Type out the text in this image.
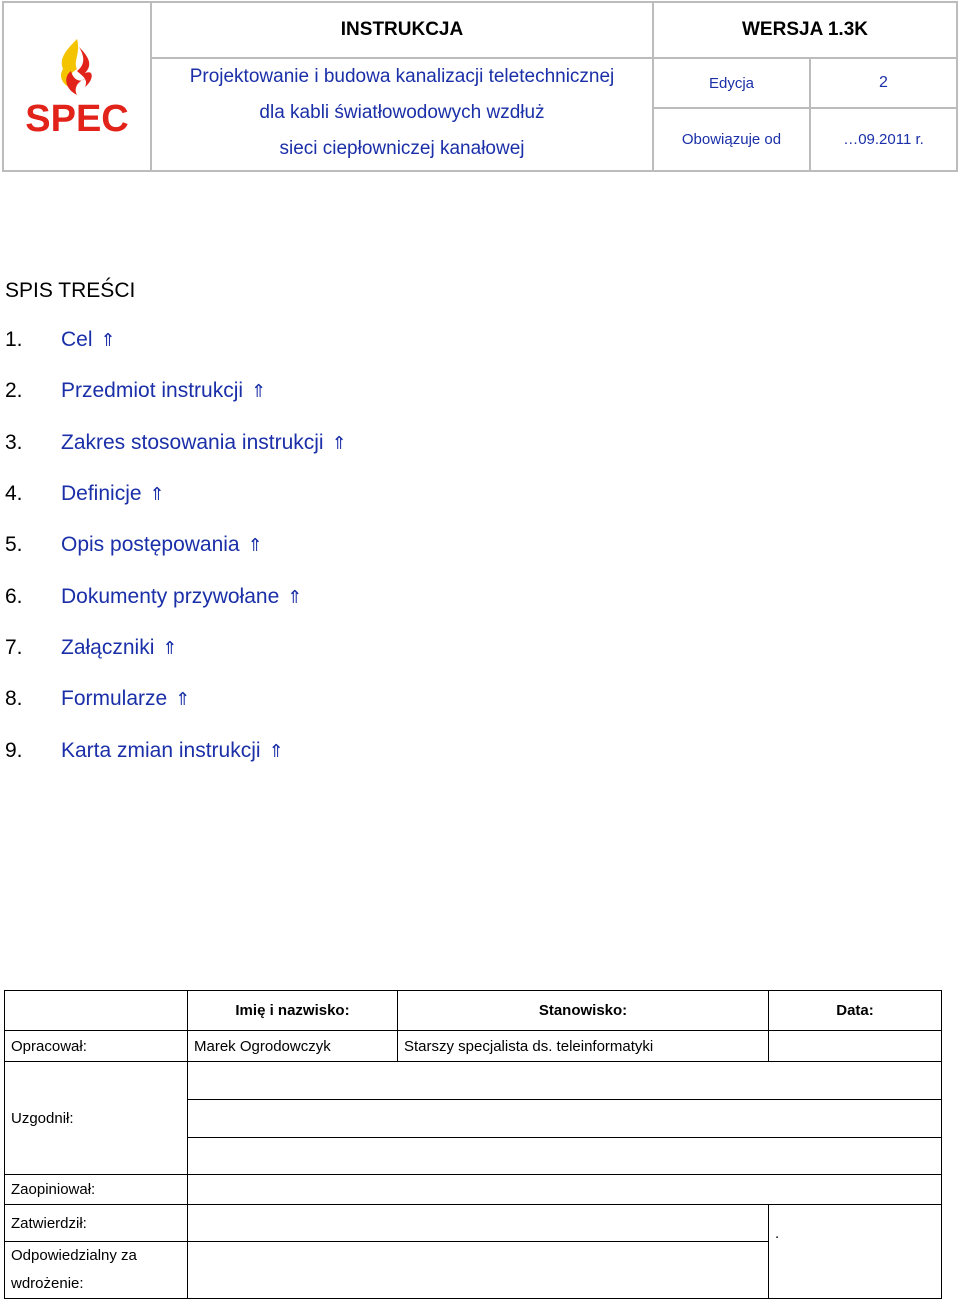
SPEC
INSTRUKCJA	WERSJA 1.3K
Projektowanie i budowa kanalizacji teletechnicznej
dla kabli światłowodowych wzdłuż
sieci ciepłowniczej kanałowej
Edycja	2
Obowiązuje od	…09.2011 r.
SPIS TREŚCI
1. Cel ⇑
2. Przedmiot instrukcji ⇑
3. Zakres stosowania instrukcji ⇑
4. Definicje ⇑
5. Opis postępowania ⇑
6. Dokumenty przywołane ⇑
7. Załączniki ⇑
8. Formularze ⇑
9. Karta zmian instrukcji ⇑
	Imię i nazwisko:	Stanowisko:	Data:
Opracował:	Marek Ogrodowczyk	Starszy specjalista ds. teleinformatyki	
Uzgodnił:			

Zaopiniował:			
Zatwierdził:			.

Odpowiedzialny za
wdrożenie:			
